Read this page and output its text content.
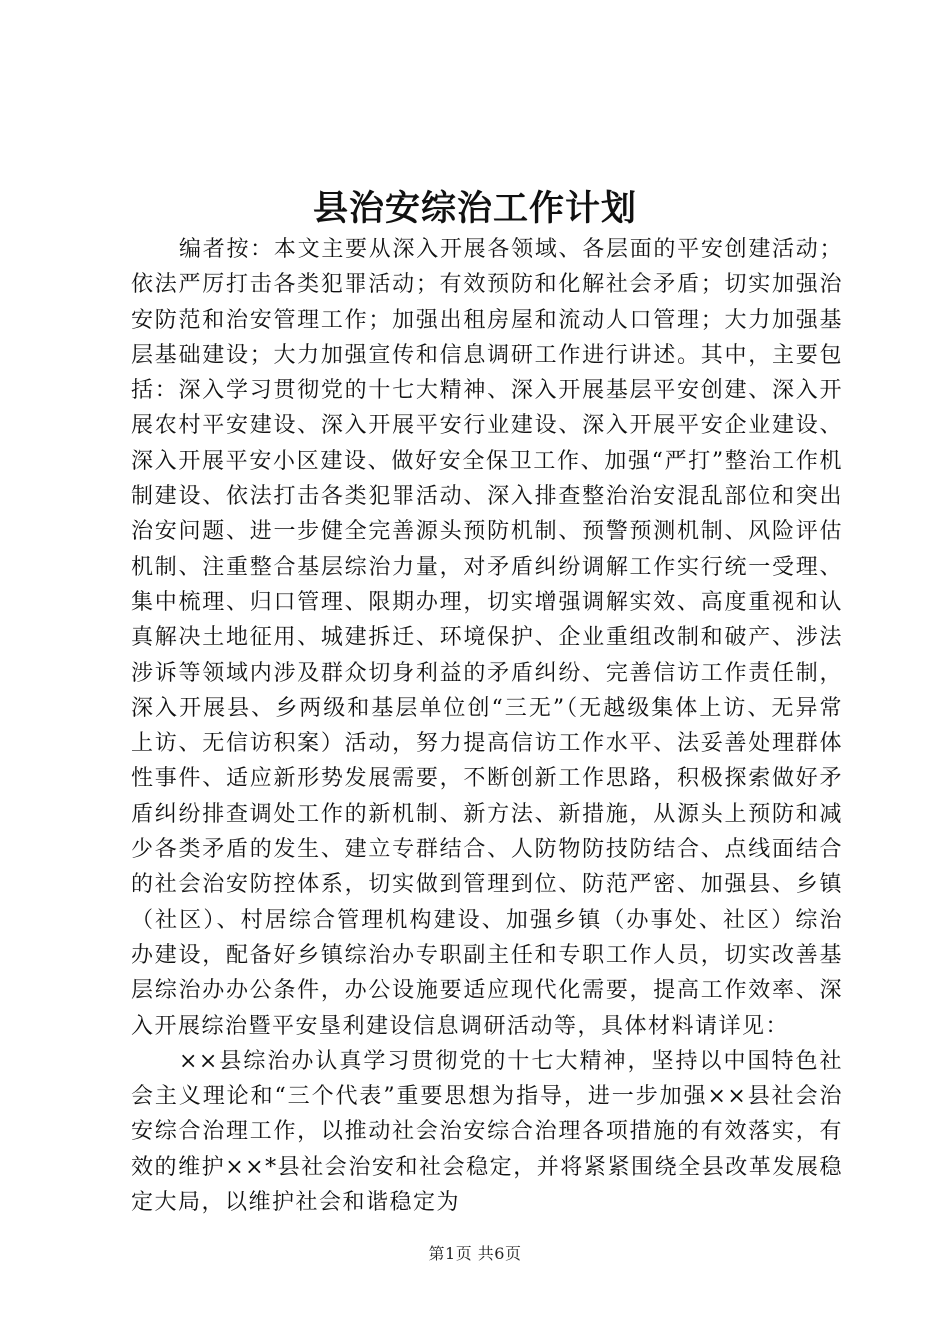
县治安综治工作计划

编者按：本文主要从深入开展各领域、各层面的平安创建活动；依法严厉打击各类犯罪活动；有效预防和化解社会矛盾；切实加强治安防范和治安管理工作；加强出租房屋和流动人口管理；大力加强基层基础建设；大力加强宣传和信息调研工作进行讲述。其中，主要包括：深入学习贯彻党的十七大精神、深入开展基层平安创建、深入开展农村平安建设、深入开展平安行业建设、深入开展平安企业建设、深入开展平安小区建设、做好安全保卫工作、加强“严打”整治工作机制建设、依法打击各类犯罪活动、深入排查整治治安混乱部位和突出治安问题、进一步健全完善源头预防机制、预警预测机制、风险评估机制、注重整合基层综治力量，对矛盾纠纷调解工作实行统一受理、集中梳理、归口管理、限期办理，切实增强调解实效、高度重视和认真解决土地征用、城建拆迁、环境保护、企业重组改制和破产、涉法涉诉等领域内涉及群众切身利益的矛盾纠纷、完善信访工作责任制，深入开展县、乡两级和基层单位创“三无”（无越级集体上访、无异常上访、无信访积案）活动，努力提高信访工作水平、法妥善处理群体性事件、适应新形势发展需要，不断创新工作思路，积极探索做好矛盾纠纷排查调处工作的新机制、新方法、新措施，从源头上预防和减少各类矛盾的发生、建立专群结合、人防物防技防结合、点线面结合的社会治安防控体系，切实做到管理到位、防范严密、加强县、乡镇（社区）、村居综合管理机构建设、加强乡镇（办事处、社区）综治办建设，配备好乡镇综治办专职副主任和专职工作人员，切实改善基层综治办办公条件，办公设施要适应现代化需要，提高工作效率、深入开展综治暨平安垦利建设信息调研活动等，具体材料请详见：

××县综治办认真学习贯彻党的十七大精神，坚持以中国特色社会主义理论和“三个代表”重要思想为指导，进一步加强××县社会治安综合治理工作，以推动社会治安综合治理各项措施的有效落实，有效的维护××*县社会治安和社会稳定，并将紧紧围绕全县改革发展稳定大局，以维护社会和谐稳定为

第1页 共6页
